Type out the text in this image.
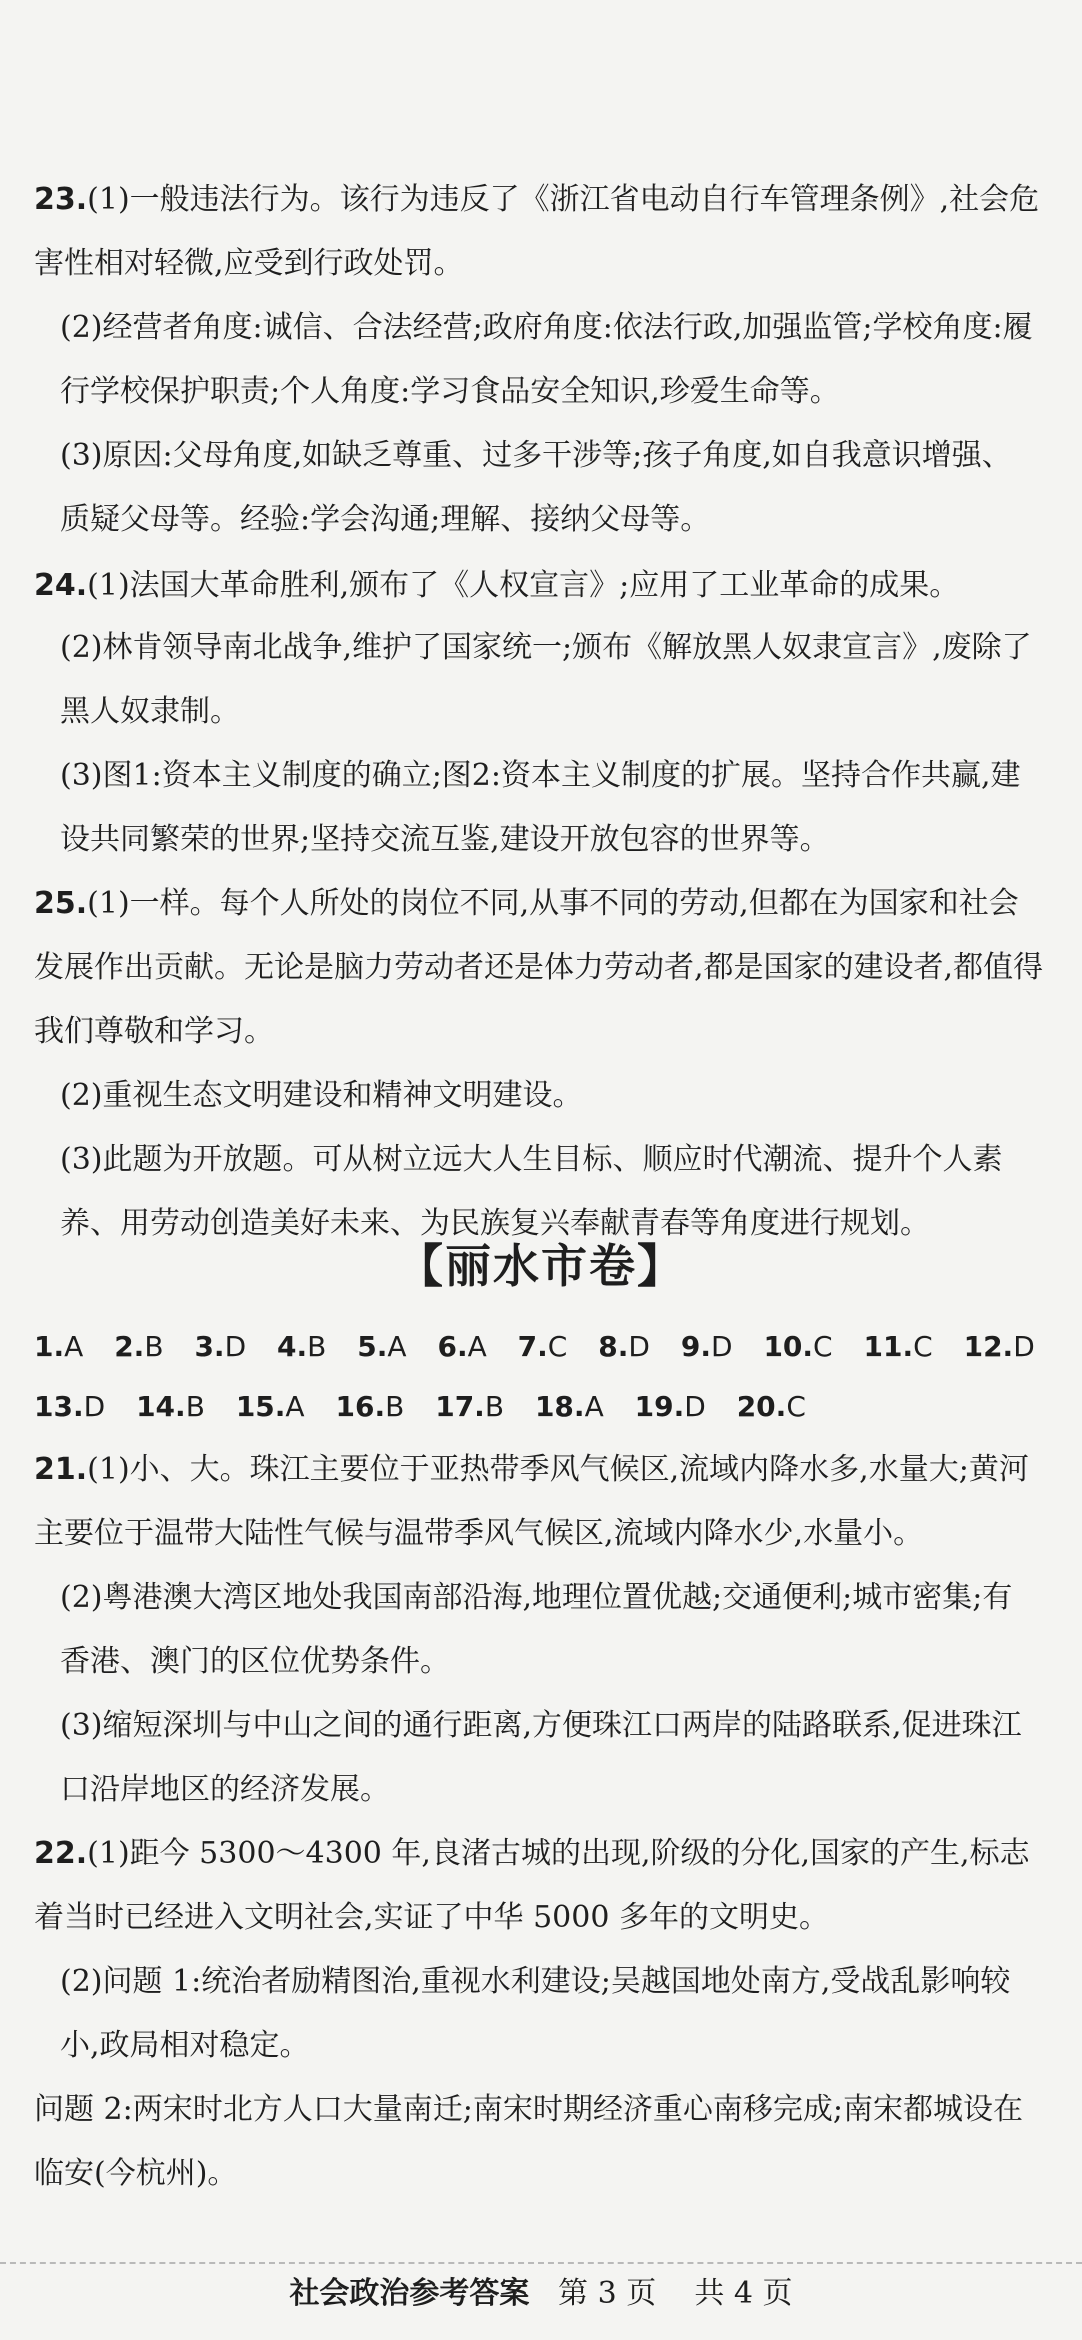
23.(1)一般违法行为。该行为违反了《浙江省电动自行车管理条例》,社会危害性相对轻微,应受到行政处罚。
(2)经营者角度:诚信、合法经营;政府角度:依法行政,加强监管;学校角度:履行学校保护职责;个人角度:学习食品安全知识,珍爱生命等。
(3)原因:父母角度,如缺乏尊重、过多干涉等;孩子角度,如自我意识增强、质疑父母等。经验:学会沟通;理解、接纳父母等。
24.(1)法国大革命胜利,颁布了《人权宣言》;应用了工业革命的成果。
(2)林肯领导南北战争,维护了国家统一;颁布《解放黑人奴隶宣言》,废除了黑人奴隶制。
(3)图1:资本主义制度的确立;图2:资本主义制度的扩展。坚持合作共赢,建设共同繁荣的世界;坚持交流互鉴,建设开放包容的世界等。
25.(1)一样。每个人所处的岗位不同,从事不同的劳动,但都在为国家和社会发展作出贡献。无论是脑力劳动者还是体力劳动者,都是国家的建设者,都值得我们尊敬和学习。
(2)重视生态文明建设和精神文明建设。
(3)此题为开放题。可从树立远大人生目标、顺应时代潮流、提升个人素养、用劳动创造美好未来、为民族复兴奉献青春等角度进行规划。
【丽水市卷】
1.A 2.B 3.D 4.B 5.A 6.A 7.C 8.D 9.D 10.C 11.C 12.D
13.D 14.B 15.A 16.B 17.B 18.A 19.D 20.C
21.(1)小、大。珠江主要位于亚热带季风气候区,流域内降水多,水量大;黄河主要位于温带大陆性气候与温带季风气候区,流域内降水少,水量小。
(2)粤港澳大湾区地处我国南部沿海,地理位置优越;交通便利;城市密集;有香港、澳门的区位优势条件。
(3)缩短深圳与中山之间的通行距离,方便珠江口两岸的陆路联系,促进珠江口沿岸地区的经济发展。
22.(1)距今 5300～4300 年,良渚古城的出现,阶级的分化,国家的产生,标志着当时已经进入文明社会,实证了中华 5000 多年的文明史。
(2)问题 1:统治者励精图治,重视水利建设;吴越国地处南方,受战乱影响较小,政局相对稳定。
问题 2:两宋时北方人口大量南迁;南宋时期经济重心南移完成;南宋都城设在临安(今杭州)。
社会政治参考答案 第 3 页 共 4 页
